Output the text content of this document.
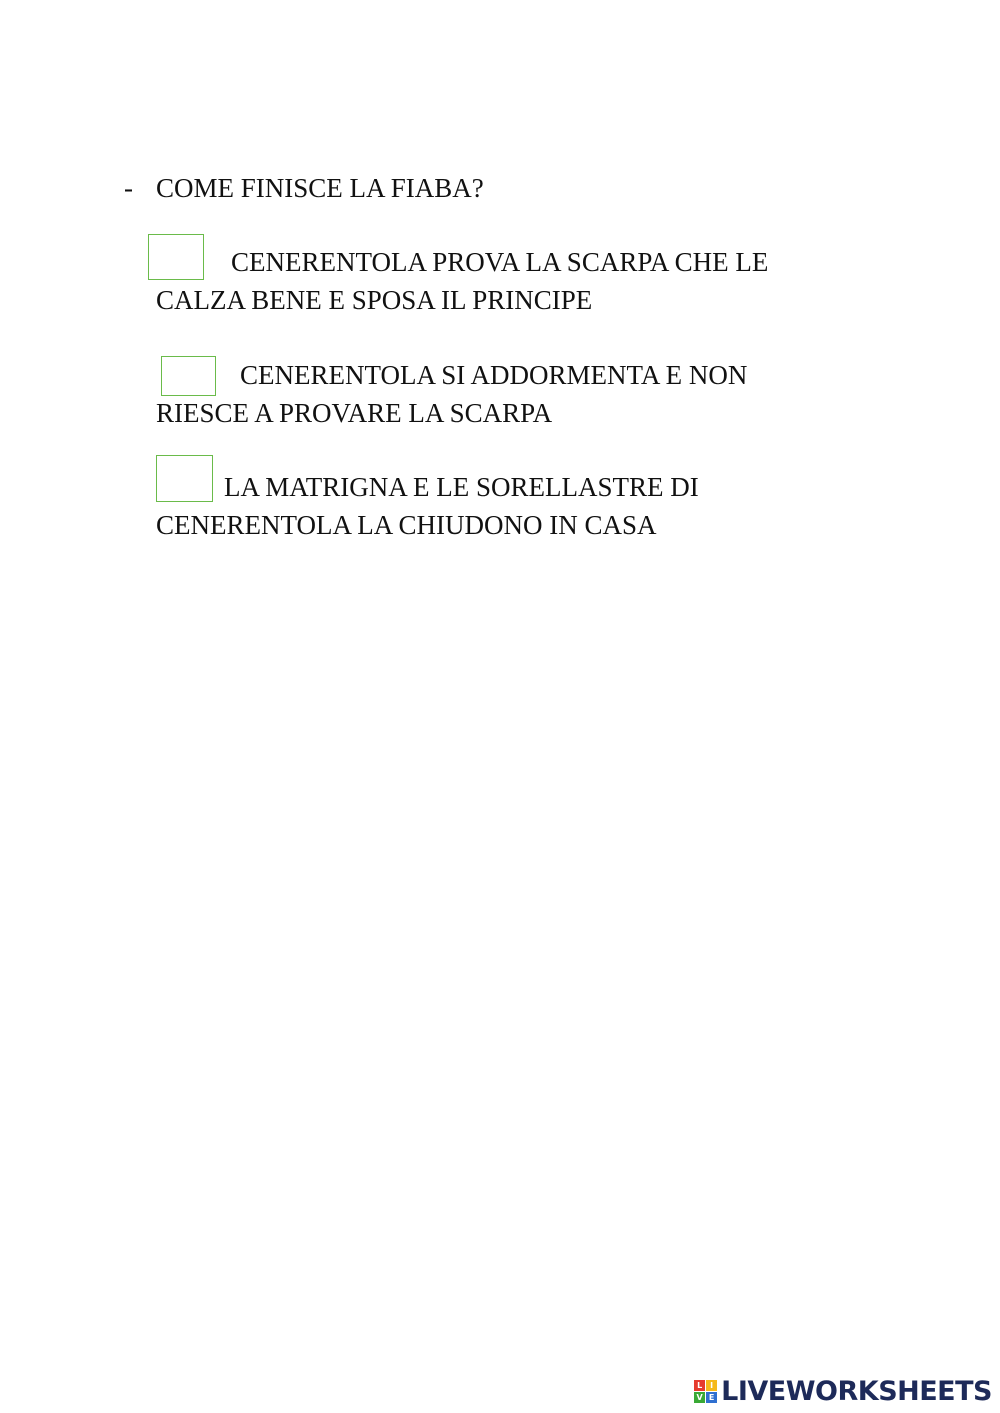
- COME FINISCE LA FIABA?
CENERENTOLA PROVA LA SCARPA CHE LE
CALZA BENE E SPOSA IL PRINCIPE
CENERENTOLA SI ADDORMENTA E NON
RIESCE A PROVARE LA SCARPA
LA MATRIGNA E LE SORELLASTRE DI
CENERENTOLA LA CHIUDONO IN CASA
L I
V E LIVEWORKSHEETS
